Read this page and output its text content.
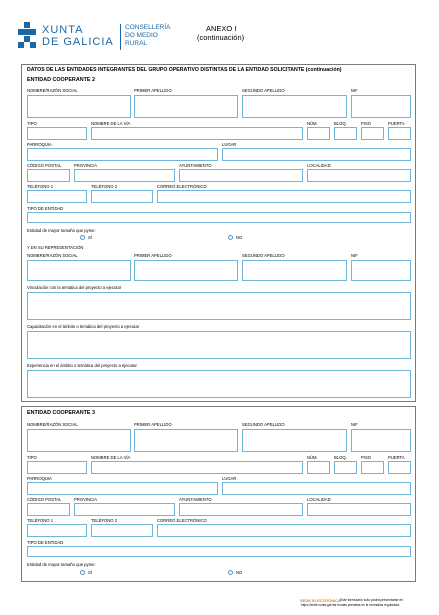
XUNTA
DE GALICIA
CONSELLERÍA
DO MEDIO
RURAL
ANEXO I
(continuación)
DATOS DE LAS ENTIDADES INTEGRANTES DEL GRUPO OPERATIVO DISTINTAS DE LA ENTIDAD SOLICITANTE (continuación)
ENTIDAD COOPERANTE 2
NOMBRE/RAZÓN SOCIAL	PRIMER APELLIDO	SEGUNDO APELLIDO	NIF
TIPO	NOMBRE DE LA VÍA	NÚM.	BLOQ.	PISO	PUERTA
PARROQUIA	LUGAR
CÓDIGO POSTAL	PROVINCIA	AYUNTAMIENTO	LOCALIDAD
TELÉFONO 1	TELÉFONO 2	CORREO ELECTRÓNICO
TIPO DE ENTIDAD
Entidad de mayor tamaño que pyme:
SÍ	NO
Y EN SU REPRESENTACIÓN
NOMBRE/RAZÓN SOCIAL	PRIMER APELLIDO	SEGUNDO APELLIDO	NIF
Vinculación con la temática del proyecto a ejecutar
Capacitación en el ámbito o temática del proyecto a ejecutar
Experiencia en el ámbito o temática del proyecto a ejecutar
ENTIDAD COOPERANTE 3
NOMBRE/RAZÓN SOCIAL	PRIMER APELLIDO	SEGUNDO APELLIDO	NIF
TIPO	NOMBRE DE LA VÍA	NÚM.	BLOQ.	PISO	PUERTA
PARROQUIA	LUGAR
CÓDIGO POSTAL	PROVINCIA	AYUNTAMIENTO	LOCALIDAD
TELÉFONO 1	TELÉFONO 2	CORREO ELECTRÓNICO
TIPO DE ENTIDAD
Entidad de mayor tamaño que pyme:
SÍ	NO
SEDE ELECTRÓNICA Este formulario solo podrá presentarse en
https://sede.xunta.gal las formas previstas en la normativa reguladora
